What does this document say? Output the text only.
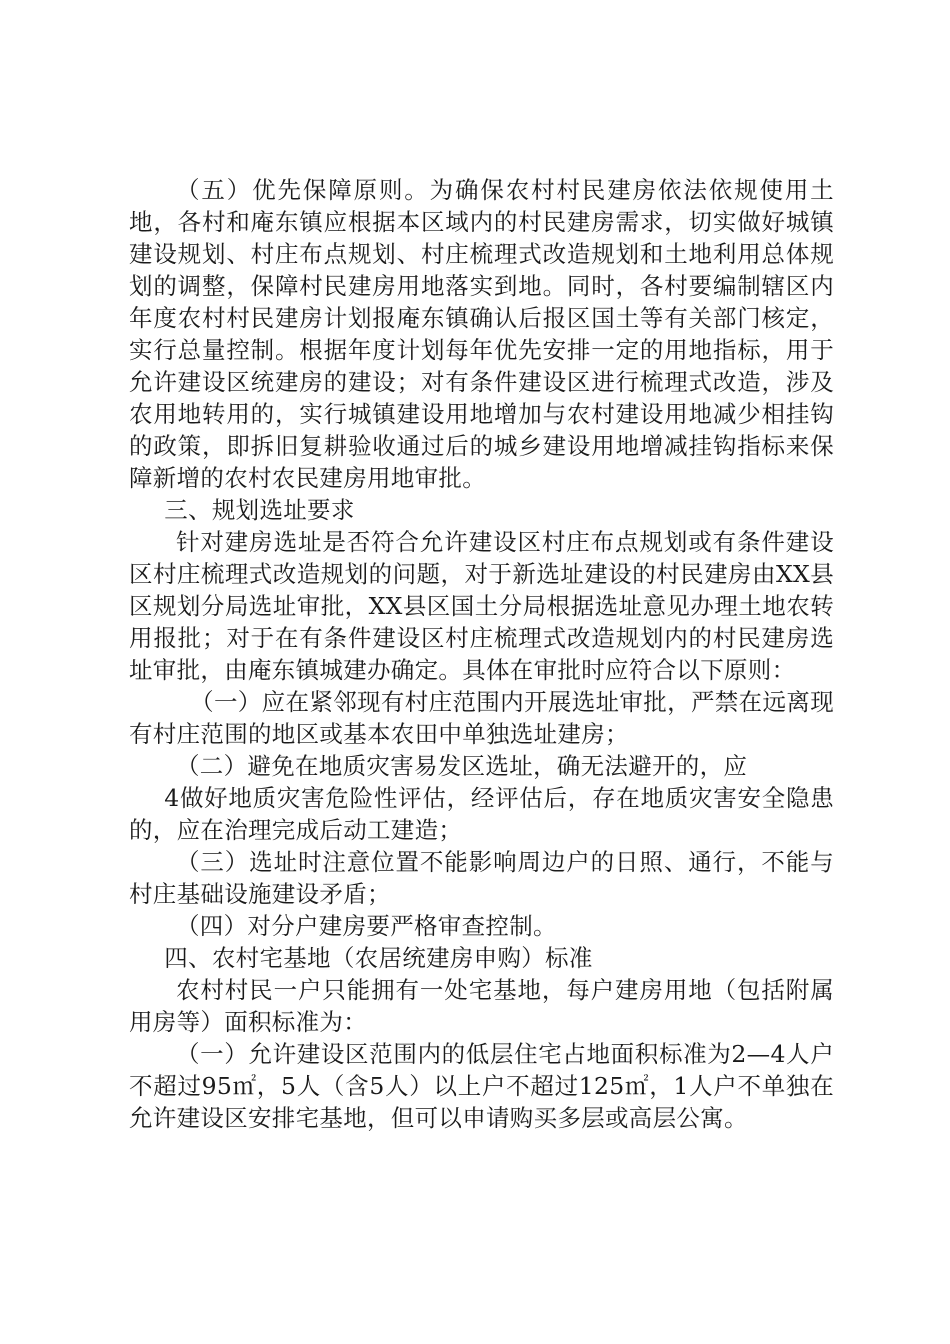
（五）优先保障原则。为确保农村村民建房依法依规使用土地，各村和庵东镇应根据本区域内的村民建房需求，切实做好城镇建设规划、村庄布点规划、村庄梳理式改造规划和土地利用总体规划的调整，保障村民建房用地落实到地。同时，各村要编制辖区内年度农村村民建房计划报庵东镇确认后报区国土等有关部门核定，实行总量控制。根据年度计划每年优先安排一定的用地指标，用于允许建设区统建房的建设；对有条件建设区进行梳理式改造，涉及农用地转用的，实行城镇建设用地增加与农村建设用地减少相挂钩的政策，即拆旧复耕验收通过后的城乡建设用地增减挂钩指标来保障新增的农村农民建房用地审批。

三、规划选址要求

针对建房选址是否符合允许建设区村庄布点规划或有条件建设区村庄梳理式改造规划的问题，对于新选址建设的村民建房由XX县区规划分局选址审批，XX县区国土分局根据选址意见办理土地农转用报批；对于在有条件建设区村庄梳理式改造规划内的村民建房选址审批，由庵东镇城建办确定。具体在审批时应符合以下原则：

（一）应在紧邻现有村庄范围内开展选址审批，严禁在远离现有村庄范围的地区或基本农田中单独选址建房；

（二）避免在地质灾害易发区选址，确无法避开的，应

4做好地质灾害危险性评估，经评估后，存在地质灾害安全隐患的，应在治理完成后动工建造；

（三）选址时注意位置不能影响周边户的日照、通行，不能与村庄基础设施建设矛盾；

（四）对分户建房要严格审查控制。

四、农村宅基地（农居统建房申购）标准

农村村民一户只能拥有一处宅基地，每户建房用地（包括附属用房等）面积标准为：

（一）允许建设区范围内的低层住宅占地面积标准为2—4人户不超过95㎡，5人（含5人）以上户不超过125㎡，1人户不单独在允许建设区安排宅基地，但可以申请购买多层或高层公寓。
